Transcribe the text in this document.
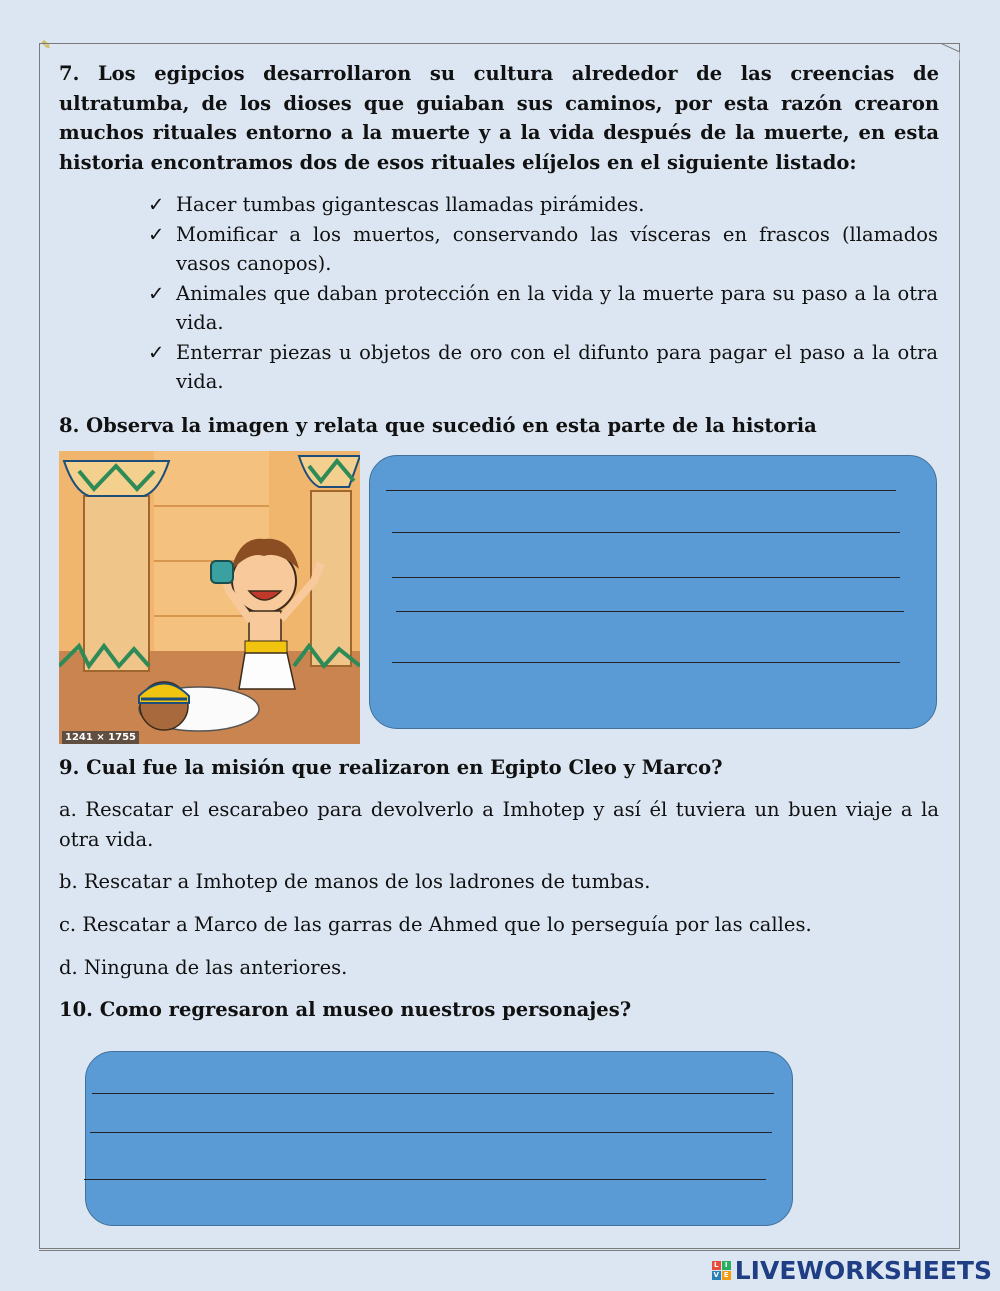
✎
7. Los egipcios desarrollaron su cultura alrededor de las creencias de ultratumba, de los dioses que guiaban sus caminos, por esta razón crearon muchos rituales entorno a la muerte y a la vida después de la muerte, en esta historia encontramos dos de esos rituales elíjelos en el siguiente listado:
✓ Hacer tumbas gigantescas llamadas pirámides.
✓ Momificar a los muertos, conservando las vísceras en frascos (llamados vasos canopos).
✓ Animales que daban protección en la vida y la muerte para su paso a la otra vida.
✓ Enterrar piezas u objetos de oro con el difunto para pagar el paso a la otra vida.
8. Observa la imagen y relata que sucedió en esta parte de la historia
1241 × 1755
9. Cual fue la misión que realizaron en Egipto Cleo y Marco?
a. Rescatar el escarabeo para devolverlo a Imhotep y así él tuviera un buen viaje a la otra vida.
b. Rescatar a Imhotep de manos de los ladrones de tumbas.
c. Rescatar a Marco de las garras de Ahmed que lo perseguía por las calles.
d. Ninguna de las anteriores.
10. Como regresaron al museo nuestros personajes?
L I
V E LIVEWORKSHEETS
